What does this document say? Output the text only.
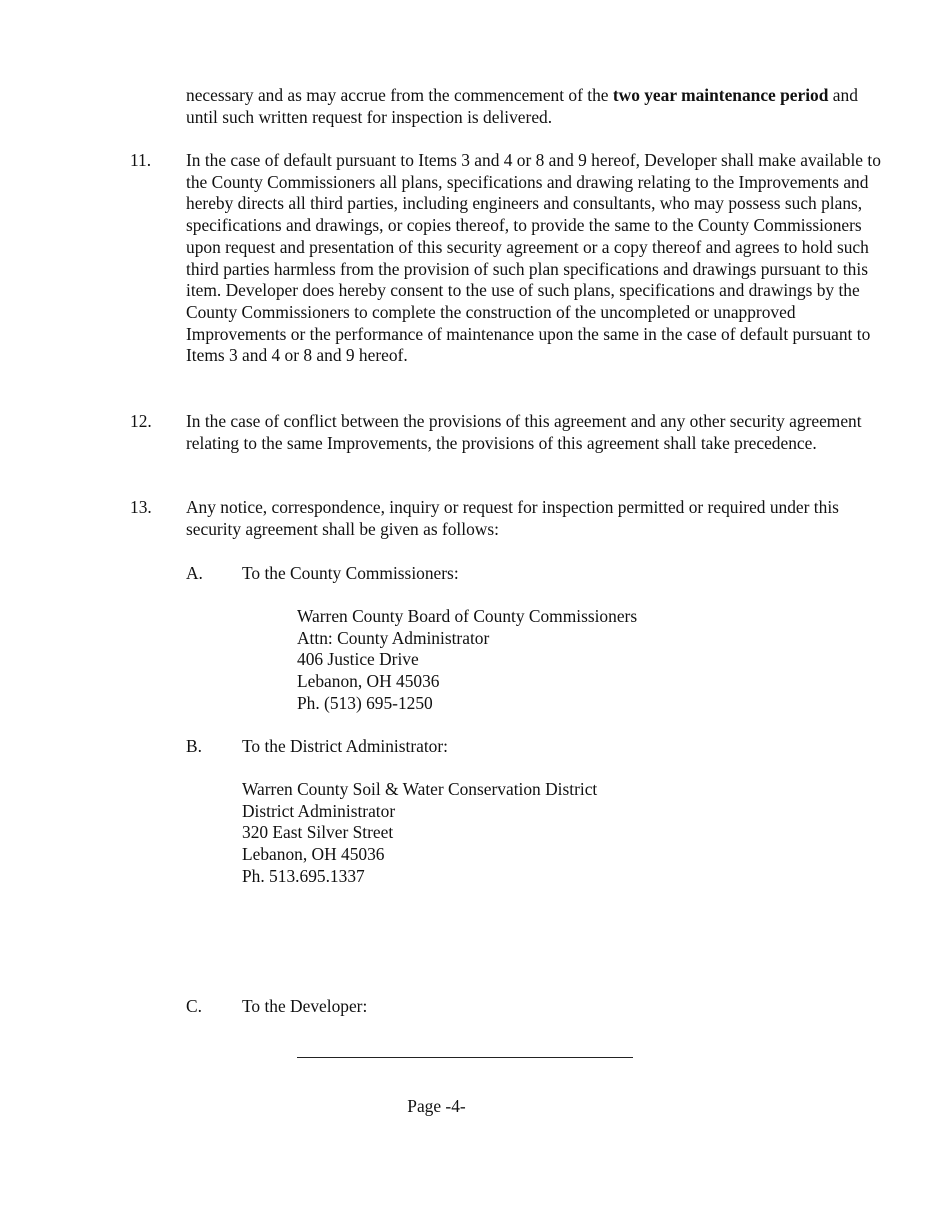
necessary and as may accrue from the commencement of the two year maintenance period and until such written request for inspection is delivered.

11. In the case of default pursuant to Items 3 and 4 or 8 and 9 hereof, Developer shall make available to the County Commissioners all plans, specifications and drawing relating to the Improvements and hereby directs all third parties, including engineers and consultants, who may possess such plans, specifications and drawings, or copies thereof, to provide the same to the County Commissioners upon request and presentation of this security agreement or a copy thereof and agrees to hold such third parties harmless from the provision of such plan specifications and drawings pursuant to this item. Developer does hereby consent to the use of such plans, specifications and drawings by the County Commissioners to complete the construction of the uncompleted or unapproved Improvements or the performance of maintenance upon the same in the case of default pursuant to Items 3 and 4 or 8 and 9 hereof.

12. In the case of conflict between the provisions of this agreement and any other security agreement relating to the same Improvements, the provisions of this agreement shall take precedence.

13. Any notice, correspondence, inquiry or request for inspection permitted or required under this security agreement shall be given as follows:

A. To the County Commissioners:
Warren County Board of County Commissioners
Attn: County Administrator
406 Justice Drive
Lebanon, OH 45036
Ph. (513) 695-1250
B. To the District Administrator:
Warren County Soil & Water Conservation District
District Administrator
320 East Silver Street
Lebanon, OH 45036
Ph. 513.695.1337
C. To the Developer:
Page -4-
